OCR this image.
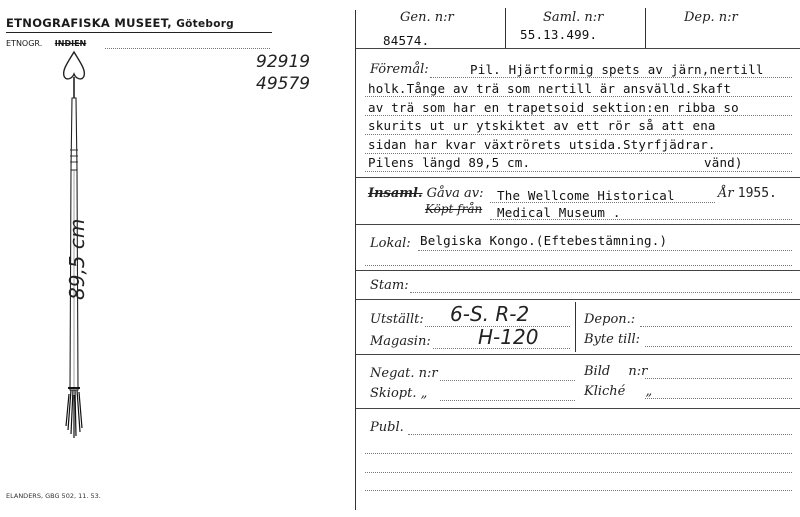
ETNOGRAFISKA MUSEET, Göteborg
ETNOGR. INDIEN
92919
49579
89,5 cm
ELANDERS, GBG 502, 11. 53.
Gen. n:r
84574.
Saml. n:r
55.13.499.
Dep. n:r
Föremål:	Pil. Hjärtformig spets av järn,nertill
holk.Tånge av trä som nertill är ansvälld.Skaft
av trä som har en trapetsoid sektion:en ribba so
skurits ut ur ytskiktet av ett rör så att ena
sidan har kvar växtrörets utsida.Styrfjädrar.
Pilens längd 89,5 cm.	vänd)
Insaml. Gåva av: The Wellcome Historical	År 1955.
Köpt från Medical Museum .
Lokal: Belgiska Kongo.(Eftebestämning.)
Stam:
Utställt: 6-S. R-2
Magasin: H-120
Depon.:
Byte till:
Negat. n:r	Bild n:r
Skiopt. „	Kliché „
Publ.
